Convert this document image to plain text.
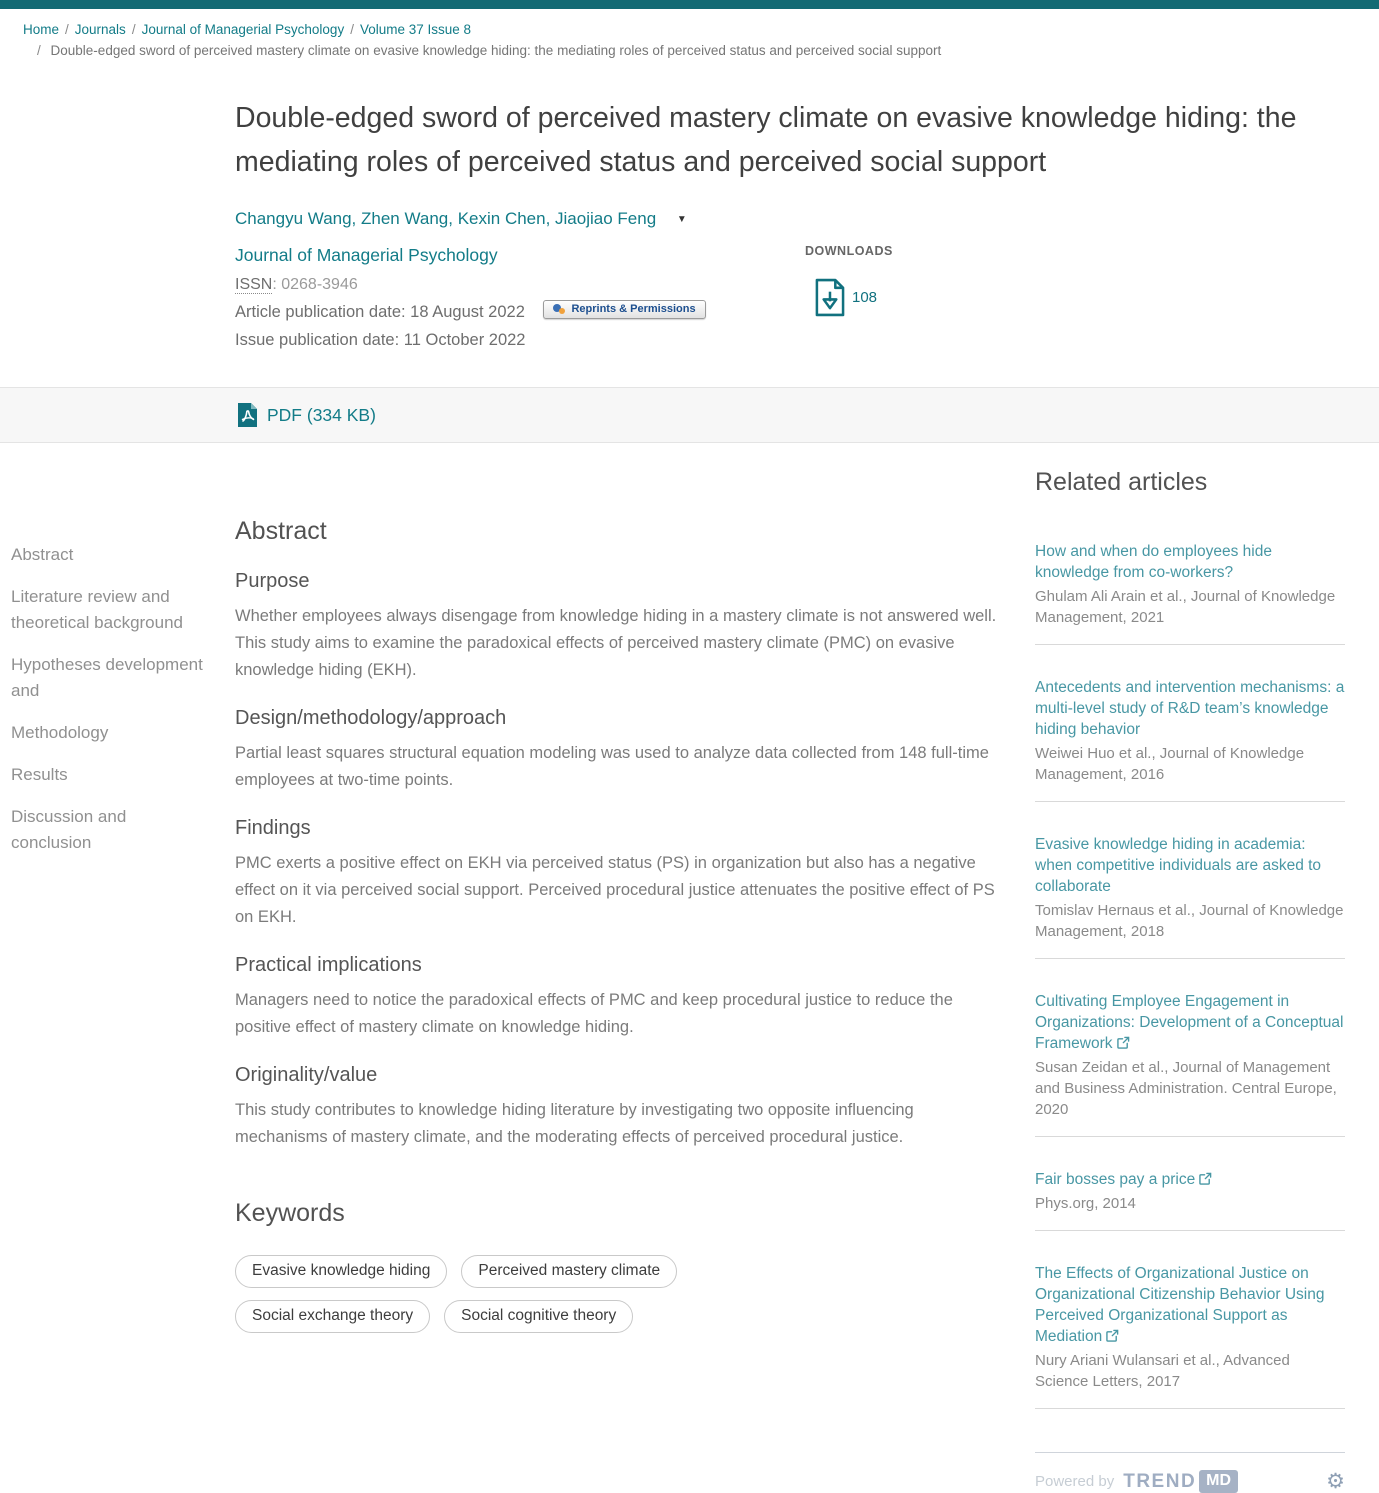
Home / Journals / Journal of Managerial Psychology / Volume 37 Issue 8
/ Double-edged sword of perceived mastery climate on evasive knowledge hiding: the mediating roles of perceived status and perceived social support
Double-edged sword of perceived mastery climate on evasive knowledge hiding: the mediating roles of perceived status and perceived social support
Changyu Wang, Zhen Wang, Kexin Chen, Jiaojiao Feng ▼
Journal of Managerial Psychology
ISSN: 0268-3946
Article publication date: 18 August 2022	Reprints & Permissions
Issue publication date: 11 October 2022
DOWNLOADS
108
PDF (334 KB)
Abstract
Literature review and theoretical background
Hypotheses development and
Methodology
Results
Discussion and conclusion
Abstract
Purpose

Whether employees always disengage from knowledge hiding in a mastery climate is not answered well. This study aims to examine the paradoxical effects of perceived mastery climate (PMC) on evasive knowledge hiding (EKH).

Design/methodology/approach

Partial least squares structural equation modeling was used to analyze data collected from 148 full-time employees at two-time points.

Findings

PMC exerts a positive effect on EKH via perceived status (PS) in organization but also has a negative effect on it via perceived social support. Perceived procedural justice attenuates the positive effect of PS on EKH.

Practical implications

Managers need to notice the paradoxical effects of PMC and keep procedural justice to reduce the positive effect of mastery climate on knowledge hiding.

Originality/value

This study contributes to knowledge hiding literature by investigating two opposite influencing mechanisms of mastery climate, and the moderating effects of perceived procedural justice.

Keywords
Evasive knowledge hiding	Perceived mastery climate
Social exchange theory	Social cognitive theory
Related articles
How and when do employees hide knowledge from co-workers?
Ghulam Ali Arain et al., Journal of Knowledge Management, 2021
Antecedents and intervention mechanisms: a multi-level study of R&D team’s knowledge hiding behavior
Weiwei Huo et al., Journal of Knowledge Management, 2016
Evasive knowledge hiding in academia: when competitive individuals are asked to collaborate
Tomislav Hernaus et al., Journal of Knowledge Management, 2018
Cultivating Employee Engagement in Organizations: Development of a Conceptual Framework
Susan Zeidan et al., Journal of Management and Business Administration. Central Europe, 2020
Fair bosses pay a price
Phys.org, 2014
The Effects of Organizational Justice on Organizational Citizenship Behavior Using Perceived Organizational Support as Mediation
Nury Ariani Wulansari et al., Advanced Science Letters, 2017
Powered by TREND MD	⚙
